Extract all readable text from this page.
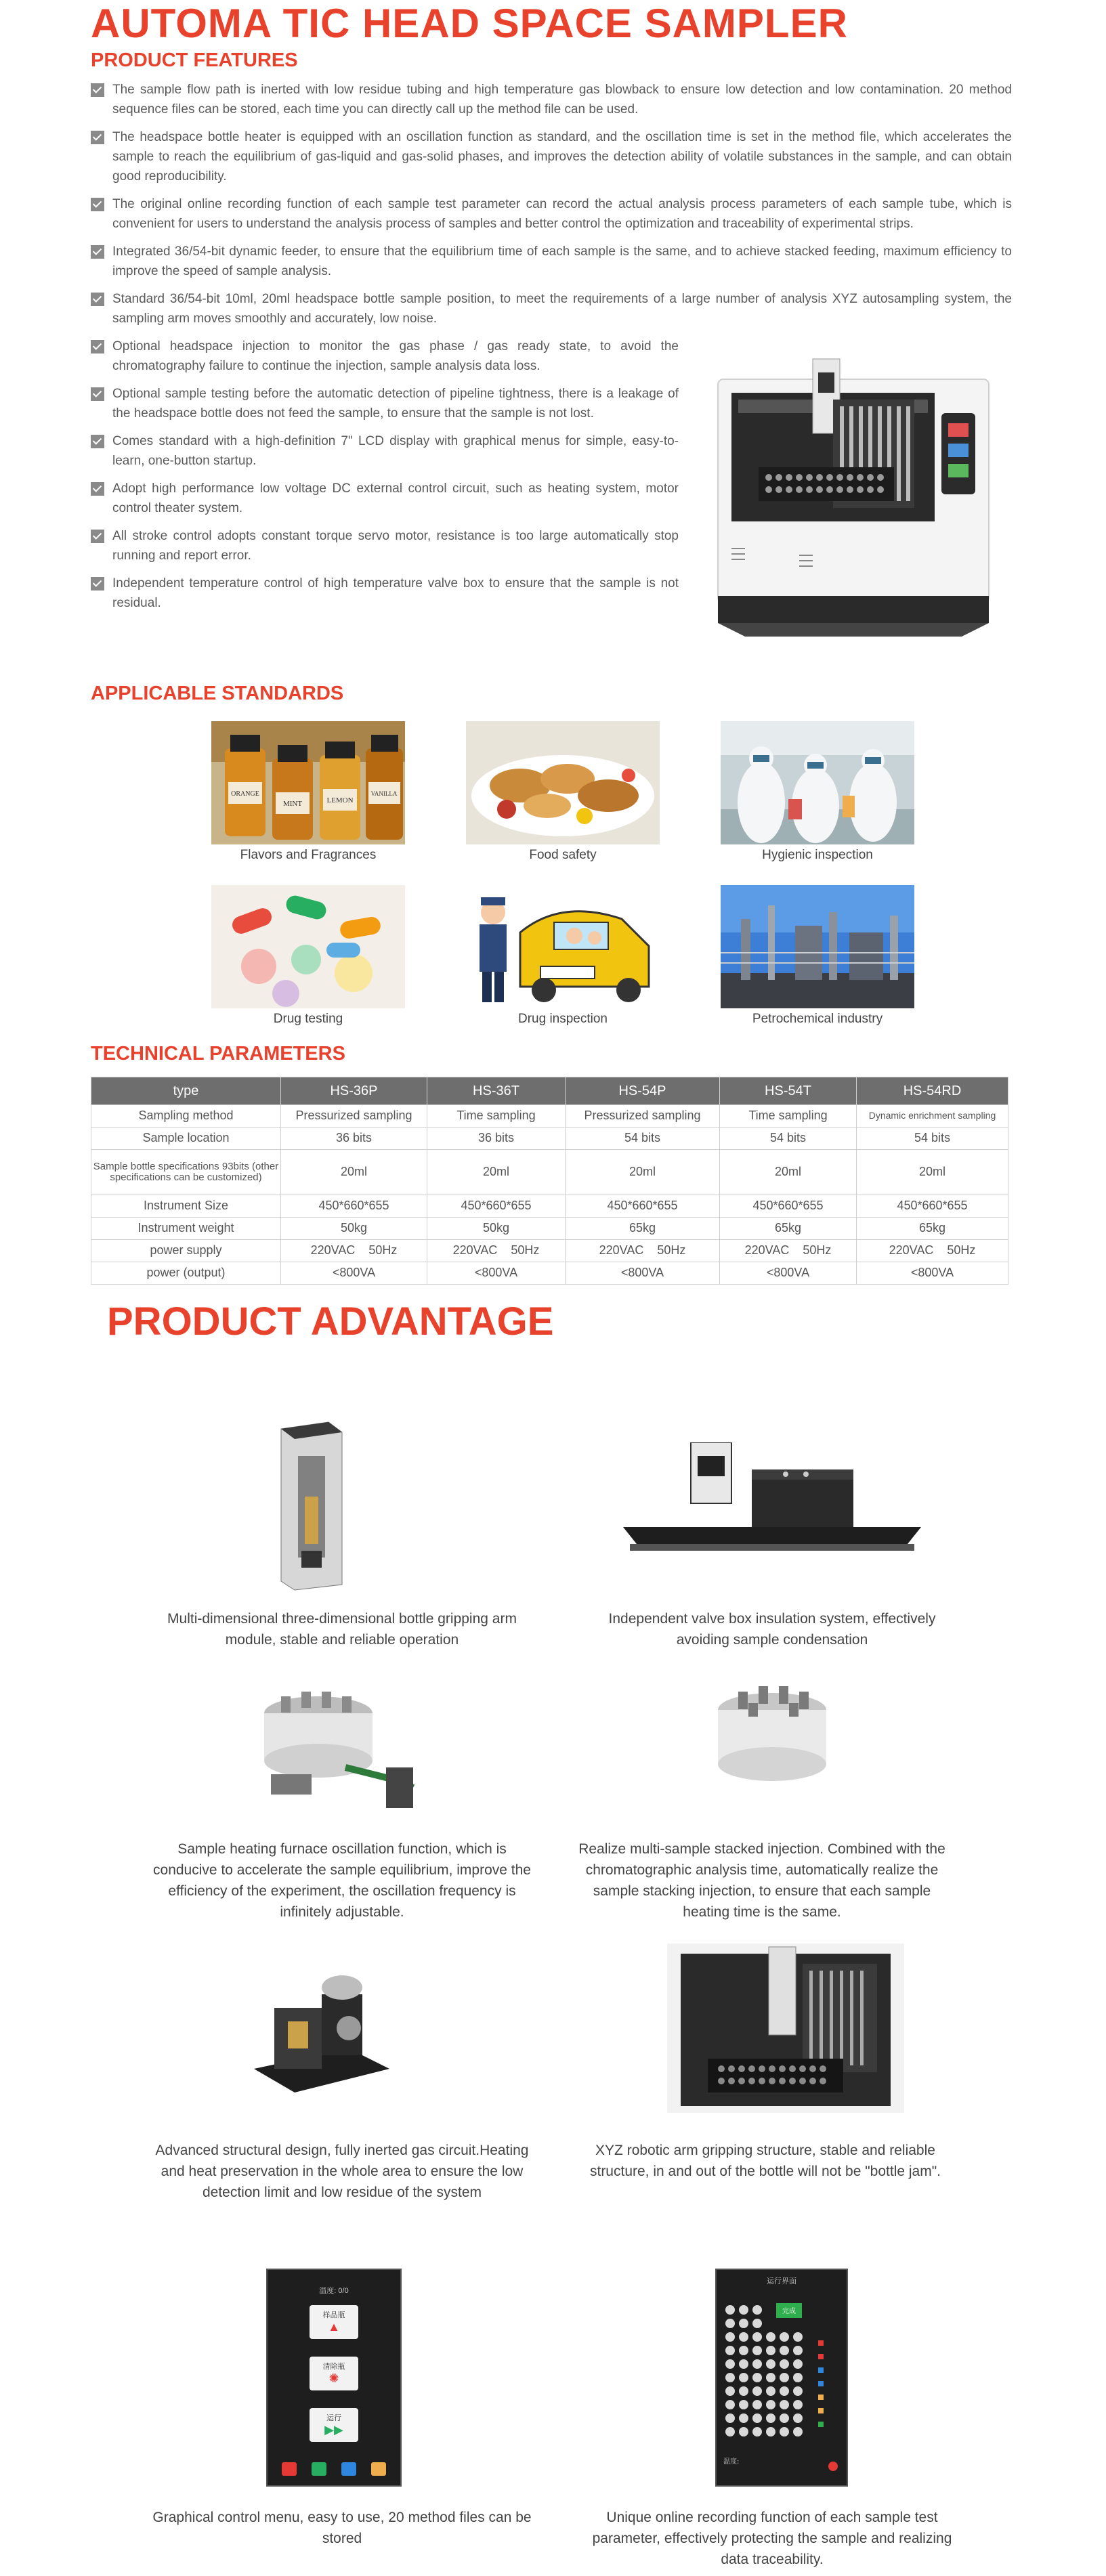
AUTOMA TIC HEAD SPACE SAMPLER
PRODUCT FEATURES
The sample flow path is inerted with low residue tubing and high temperature gas blowback to ensure low detection and low contamination. 20 method sequence files can be stored, each time you can directly call up the method file can be used.
The headspace bottle heater is equipped with an oscillation function as standard, and the oscillation time is set in the method file, which accelerates the sample to reach the equilibrium of gas-liquid and gas-solid phases, and improves the detection ability of volatile substances in the sample, and can obtain good reproducibility.
The original online recording function of each sample test parameter can record the actual analysis process parameters of each sample tube, which is convenient for users to understand the analysis process of samples and better control the optimization and traceability of experimental strips.
Integrated 36/54-bit dynamic feeder, to ensure that the equilibrium time of each sample is the same, and to achieve stacked feeding, maximum efficiency to improve the speed of sample analysis.
Standard 36/54-bit 10ml, 20ml headspace bottle sample position, to meet the requirements of a large number of analysis XYZ autosampling system, the sampling arm moves smoothly and accurately, low noise.
Optional headspace injection to monitor the gas phase / gas ready state, to avoid the chromatography failure to continue the injection, sample analysis data loss.
Optional sample testing before the automatic detection of pipeline tightness, there is a leakage of the headspace bottle does not feed the sample, to ensure that the sample is not lost.
Comes standard with a high-definition 7" LCD display with graphical menus for simple, easy-to-learn, one-button startup.
Adopt high performance low voltage DC external control circuit, such as heating system, motor control theater system.
All stroke control adopts constant torque servo motor, resistance is too large automatically stop running and report error.
Independent temperature control of high temperature valve box to ensure that the sample is not residual.
APPLICABLE STANDARDS
ORANGE
MINT	LEMON
VANILLA
Flavors and Fragrances	Food safety	Hygienic inspection
Drug testing	Drug inspection	Petrochemical industry
TECHNICAL PARAMETERS
type	HS-36P	HS-36T	HS-54P	HS-54T	HS-54RD
Sampling method	Pressurized sampling	Time sampling	Pressurized sampling	Time sampling	Dynamic enrichment sampling
Sample location	36 bits	36 bits	54 bits	54 bits	54 bits
Sample bottle specifications 93bits (other specifications can be customized)	20ml	20ml	20ml	20ml	20ml
Instrument Size	450*660*655	450*660*655	450*660*655	450*660*655	450*660*655
Instrument weight	50kg	50kg	65kg	65kg	65kg
power supply	220VAC    50Hz	220VAC    50Hz	220VAC    50Hz	220VAC    50Hz	220VAC    50Hz
power (output)	<800VA	<800VA	<800VA	<800VA	<800VA
PRODUCT ADVANTAGE
Multi-dimensional three-dimensional bottle gripping arm module, stable and reliable operation
Independent valve box insulation system, effectively avoiding sample condensation
Sample heating furnace oscillation function, which is conducive to accelerate the sample equilibrium, improve the efficiency of the experiment, the oscillation frequency is infinitely adjustable.
Realize multi-sample stacked injection. Combined with the chromatographic analysis time, automatically realize the sample stacking injection, to ensure that each sample heating time is the same.
Advanced structural design, fully inerted gas circuit.Heating and heat preservation in the whole area to ensure the low detection limit and low residue of the system
XYZ robotic arm gripping structure, stable and reliable structure, in and out of the bottle will not be "bottle jam".
温度: 0/0
样品瓶
▲
清除瓶
✺
运行
▶▶
运行界面
完成
温度:
Graphical control menu, easy to use, 20 method files can be stored
Unique online recording function of each sample test parameter, effectively protecting the sample and realizing data traceability.
